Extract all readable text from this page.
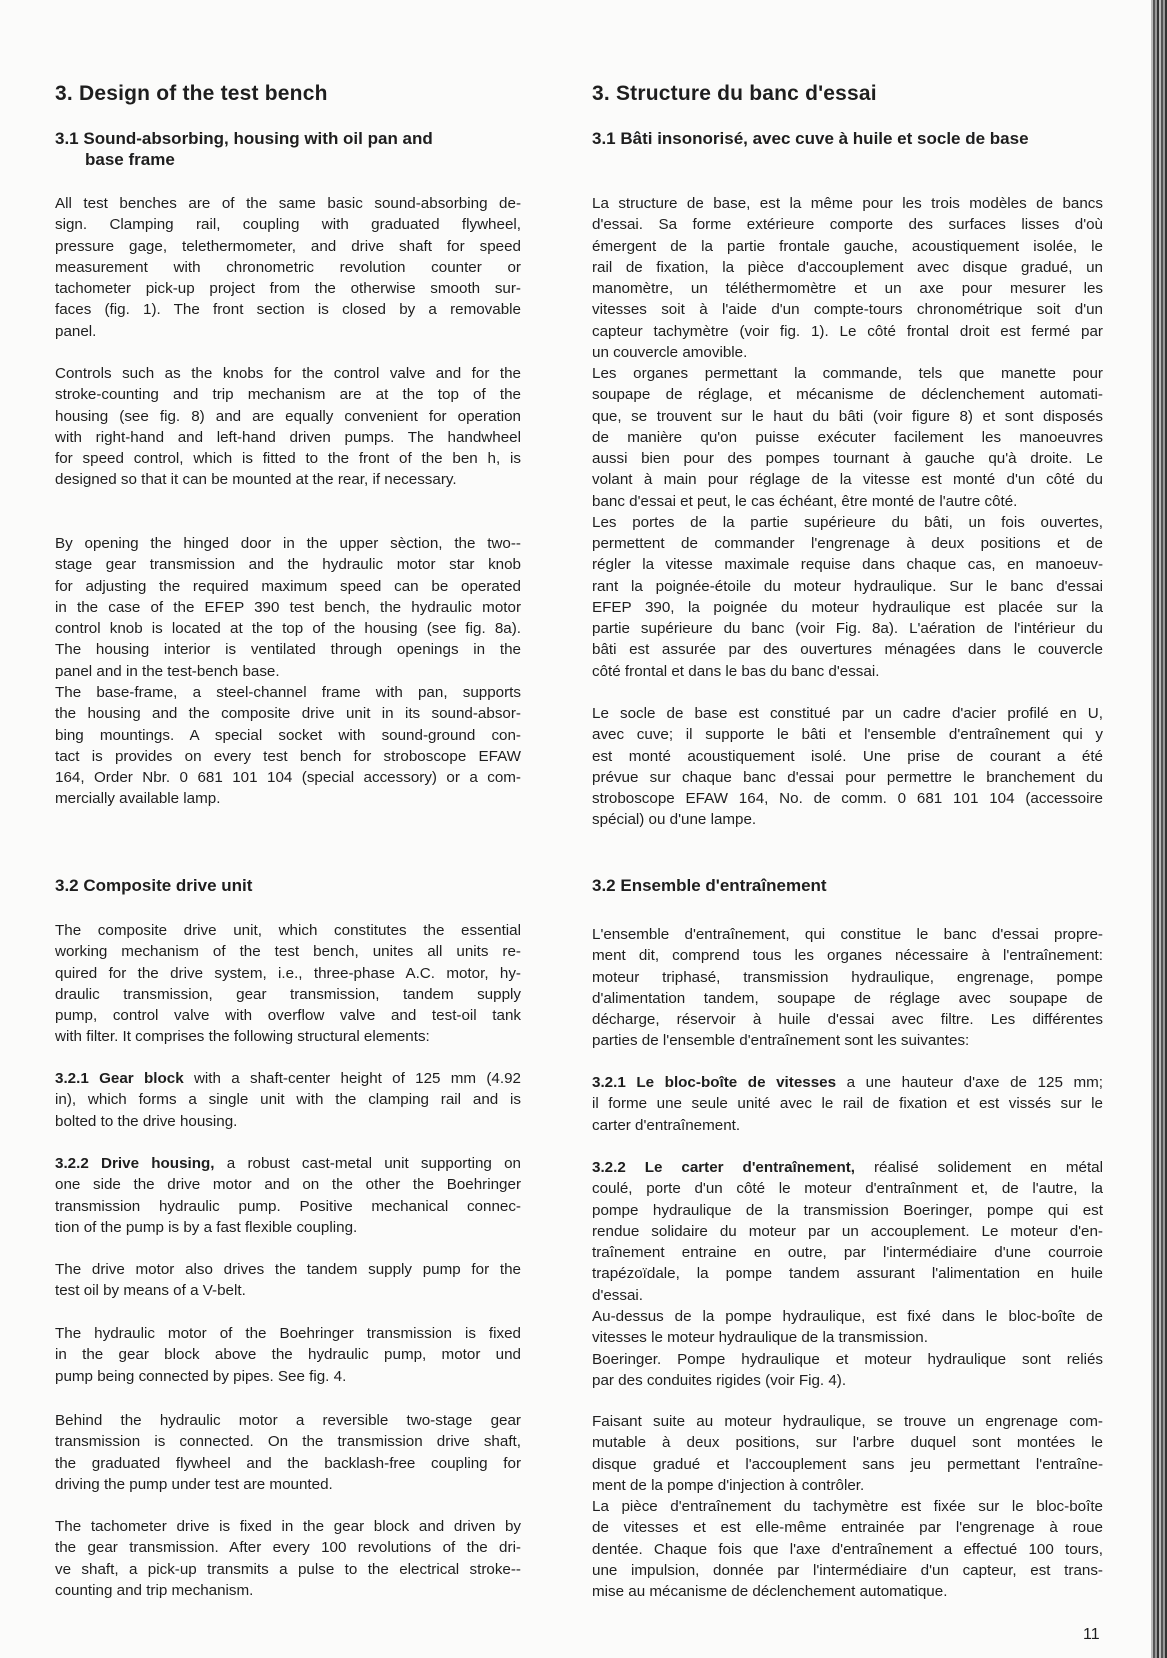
3. Design of the test bench
3.1 Sound-absorbing, housing with oil pan and
base frame
All test benches are of the same basic sound-absorbing de-
sign. Clamping rail, coupling with graduated flywheel,
pressure gage, telethermometer, and drive shaft for speed
measurement with chronometric revolution counter or
tachometer pick-up project from the otherwise smooth sur-
faces (fig. 1). The front section is closed by a removable
panel.
Controls such as the knobs for the control valve and for the
stroke-counting and trip mechanism are at the top of the
housing (see fig. 8) and are equally convenient for operation
with right-hand and left-hand driven pumps. The handwheel
for speed control, which is fitted to the front of the ben h, is
designed so that it can be mounted at the rear, if necessary.
By opening the hinged door in the upper sèction, the two--
stage gear transmission and the hydraulic motor star knob
for adjusting the required maximum speed can be operated
in the case of the EFEP 390 test bench, the hydraulic motor
control knob is located at the top of the housing (see fig. 8a).
The housing interior is ventilated through openings in the
panel and in the test-bench base.
The base-frame, a steel-channel frame with pan, supports
the housing and the composite drive unit in its sound-absor-
bing mountings. A special socket with sound-ground con-
tact is provides on every test bench for stroboscope EFAW
164, Order Nbr. 0 681 101 104 (special accessory) or a com-
mercially available lamp.
3.2 Composite drive unit
The composite drive unit, which constitutes the essential
working mechanism of the test bench, unites all units re-
quired for the drive system, i.e., three-phase A.C. motor, hy-
draulic transmission, gear transmission, tandem supply
pump, control valve with overflow valve and test-oil tank
with filter. It comprises the following structural elements:
3.2.1 Gear block with a shaft-center height of 125 mm (4.92
in), which forms a single unit with the clamping rail and is
bolted to the drive housing.
3.2.2 Drive housing, a robust cast-metal unit supporting on
one side the drive motor and on the other the Boehringer
transmission hydraulic pump. Positive mechanical connec-
tion of the pump is by a fast flexible coupling.
The drive motor also drives the tandem supply pump for the
test oil by means of a V-belt.
The hydraulic motor of the Boehringer transmission is fixed
in the gear block above the hydraulic pump, motor und
pump being connected by pipes. See fig. 4.
Behind the hydraulic motor a reversible two-stage gear
transmission is connected. On the transmission drive shaft,
the graduated flywheel and the backlash-free coupling for
driving the pump under test are mounted.
The tachometer drive is fixed in the gear block and driven by
the gear transmission. After every 100 revolutions of the dri-
ve shaft, a pick-up transmits a pulse to the electrical stroke--
counting and trip mechanism.
3. Structure du banc d'essai
3.1 Bâti insonorisé, avec cuve à huile et socle de base
La structure de base, est la même pour les trois modèles de bancs
d'essai. Sa forme extérieure comporte des surfaces lisses d'où
émergent de la partie frontale gauche, acoustiquement isolée, le
rail de fixation, la pièce d'accouplement avec disque gradué, un
manomètre, un téléthermomètre et un axe pour mesurer les
vitesses soit à l'aide d'un compte-tours chronométrique soit d'un
capteur tachymètre (voir fig. 1). Le côté frontal droit est fermé par
un couvercle amovible.
Les organes permettant la commande, tels que manette pour
soupape de réglage, et mécanisme de déclenchement automati-
que, se trouvent sur le haut du bâti (voir figure 8) et sont disposés
de manière qu'on puisse exécuter facilement les manoeuvres
aussi bien pour des pompes tournant à gauche qu'à droite. Le
volant à main pour réglage de la vitesse est monté d'un côté du
banc d'essai et peut, le cas échéant, être monté de l'autre côté.
Les portes de la partie supérieure du bâti, un fois ouvertes,
permettent de commander l'engrenage à deux positions et de
régler la vitesse maximale requise dans chaque cas, en manoeuv-
rant la poignée-étoile du moteur hydraulique. Sur le banc d'essai
EFEP 390, la poignée du moteur hydraulique est placée sur la
partie supérieure du banc (voir Fig. 8a). L'aération de l'intérieur du
bâti est assurée par des ouvertures ménagées dans le couvercle
côté frontal et dans le bas du banc d'essai.
Le socle de base est constitué par un cadre d'acier profilé en U,
avec cuve; il supporte le bâti et l'ensemble d'entraînement qui y
est monté acoustiquement isolé. Une prise de courant a été
prévue sur chaque banc d'essai pour permettre le branchement du
stroboscope EFAW 164, No. de comm. 0 681 101 104 (accessoire
spécial) ou d'une lampe.
3.2 Ensemble d'entraînement
L'ensemble d'entraînement, qui constitue le banc d'essai propre-
ment dit, comprend tous les organes nécessaire à l'entraînement:
moteur triphasé, transmission hydraulique, engrenage, pompe
d'alimentation tandem, soupape de réglage avec soupape de
décharge, réservoir à huile d'essai avec filtre. Les différentes
parties de l'ensemble d'entraînement sont les suivantes:
3.2.1 Le bloc-boîte de vitesses a une hauteur d'axe de 125 mm;
il forme une seule unité avec le rail de fixation et est vissés sur le
carter d'entraînement.
3.2.2 Le carter d'entraînement, réalisé solidement en métal
coulé, porte d'un côté le moteur d'entraînment et, de l'autre, la
pompe hydraulique de la transmission Boeringer, pompe qui est
rendue solidaire du moteur par un accouplement. Le moteur d'en-
traînement entraine en outre, par l'intermédiaire d'une courroie
trapézoïdale, la pompe tandem assurant l'alimentation en huile
d'essai.
Au-dessus de la pompe hydraulique, est fixé dans le bloc-boîte de
vitesses le moteur hydraulique de la transmission.
Boeringer. Pompe hydraulique et moteur hydraulique sont reliés
par des conduites rigides (voir Fig. 4).
Faisant suite au moteur hydraulique, se trouve un engrenage com-
mutable à deux positions, sur l'arbre duquel sont montées le
disque gradué et l'accouplement sans jeu permettant l'entraîne-
ment de la pompe d'injection à contrôler.
La pièce d'entraînement du tachymètre est fixée sur le bloc-boîte
de vitesses et est elle-même entrainée par l'engrenage à roue
dentée. Chaque fois que l'axe d'entraînement a effectué 100 tours,
une impulsion, donnée par l'intermédiaire d'un capteur, est trans-
mise au mécanisme de déclenchement automatique.
11
